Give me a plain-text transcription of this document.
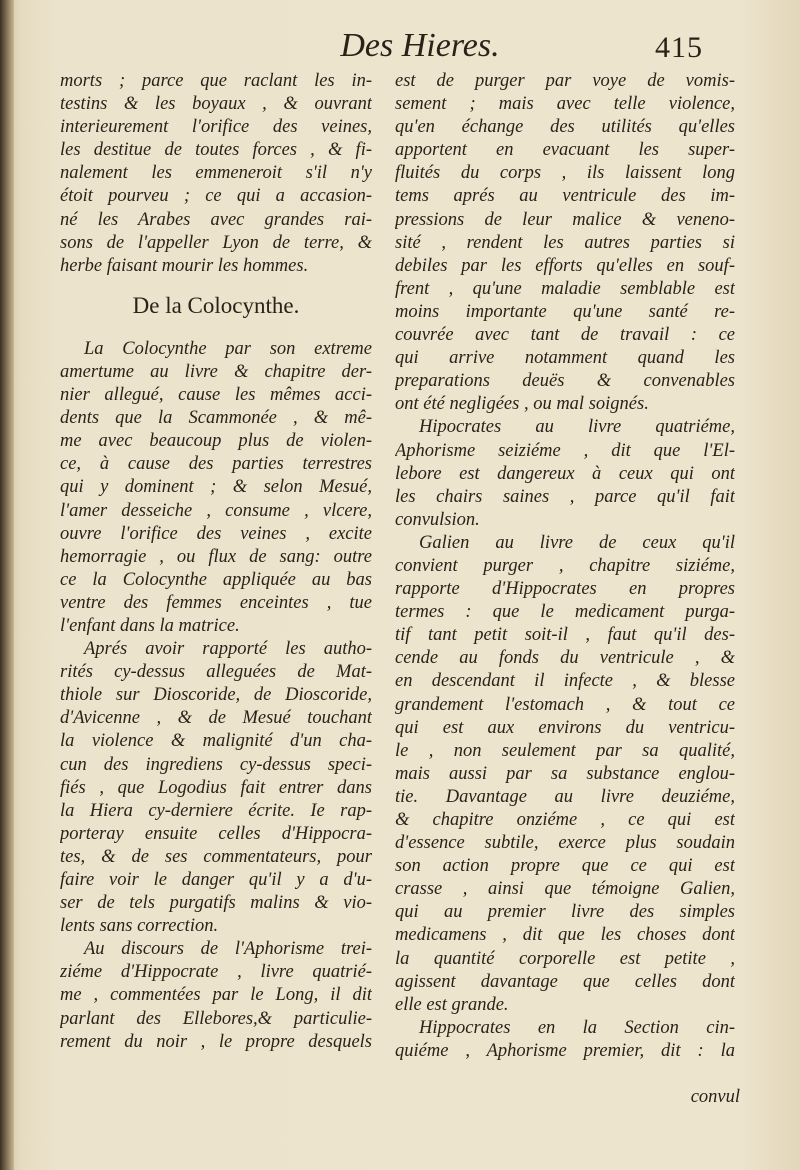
Des Hieres.	415
morts ; parce que raclant les in-
testins & les boyaux , & ouvrant
interieurement l'orifice des veines,
les destitue de toutes forces , & fi-
nalement les emmeneroit s'il n'y
étoit pourveu ; ce qui a accasion-
né les Arabes avec grandes rai-
sons de l'appeller Lyon de terre, &
herbe faisant mourir les hommes.
De la Colocynthe.
La Colocynthe par son extreme
amertume au livre & chapitre der-
nier allegué, cause les mêmes acci-
dents que la Scammonée , & mê-
me avec beaucoup plus de violen-
ce, à cause des parties terrestres
qui y dominent ; & selon Mesué,
l'amer desseiche , consume , vlcere,
ouvre l'orifice des veines , excite
hemorragie , ou flux de sang: outre
ce la Colocynthe appliquée au bas
ventre des femmes enceintes , tue
l'enfant dans la matrice.
Aprés avoir rapporté les autho-
rités cy-dessus alleguées de Mat-
thiole sur Dioscoride, de Dioscoride,
d'Avicenne , & de Mesué touchant
la violence & malignité d'un cha-
cun des ingrediens cy-dessus speci-
fiés , que Logodius fait entrer dans
la Hiera cy-derniere écrite. Ie rap-
porteray ensuite celles d'Hippocra-
tes, & de ses commentateurs, pour
faire voir le danger qu'il y a d'u-
ser de tels purgatifs malins & vio-
lents sans correction.
Au discours de l'Aphorisme trei-
ziéme d'Hippocrate , livre quatrié-
me , commentées par le Long, il dit
parlant des Ellebores,& particulie-
rement du noir , le propre desquels
est de purger par voye de vomis-
sement ; mais avec telle violence,
qu'en échange des utilités qu'elles
apportent en evacuant les super-
fluités du corps , ils laissent long
tems aprés au ventricule des im-
pressions de leur malice & veneno-
sité , rendent les autres parties si
debiles par les efforts qu'elles en souf-
frent , qu'une maladie semblable est
moins importante qu'une santé re-
couvrée avec tant de travail : ce
qui arrive notamment quand les
preparations deuës & convenables
ont été negligées , ou mal soignés.
Hipocrates au livre quatriéme,
Aphorisme seiziéme , dit que l'El-
lebore est dangereux à ceux qui ont
les chairs saines , parce qu'il fait
convulsion.
Galien au livre de ceux qu'il
convient purger , chapitre siziéme,
rapporte d'Hippocrates en propres
termes : que le medicament purga-
tif tant petit soit-il , faut qu'il des-
cende au fonds du ventricule , &
en descendant il infecte , & blesse
grandement l'estomach , & tout ce
qui est aux environs du ventricu-
le , non seulement par sa qualité,
mais aussi par sa substance englou-
tie. Davantage au livre deuziéme,
& chapitre onziéme , ce qui est
d'essence subtile, exerce plus soudain
son action propre que ce qui est
crasse , ainsi que témoigne Galien,
qui au premier livre des simples
medicamens , dit que les choses dont
la quantité corporelle est petite ,
agissent davantage que celles dont
elle est grande.
Hippocrates en la Section cin-
quiéme , Aphorisme premier, dit : la
convul
